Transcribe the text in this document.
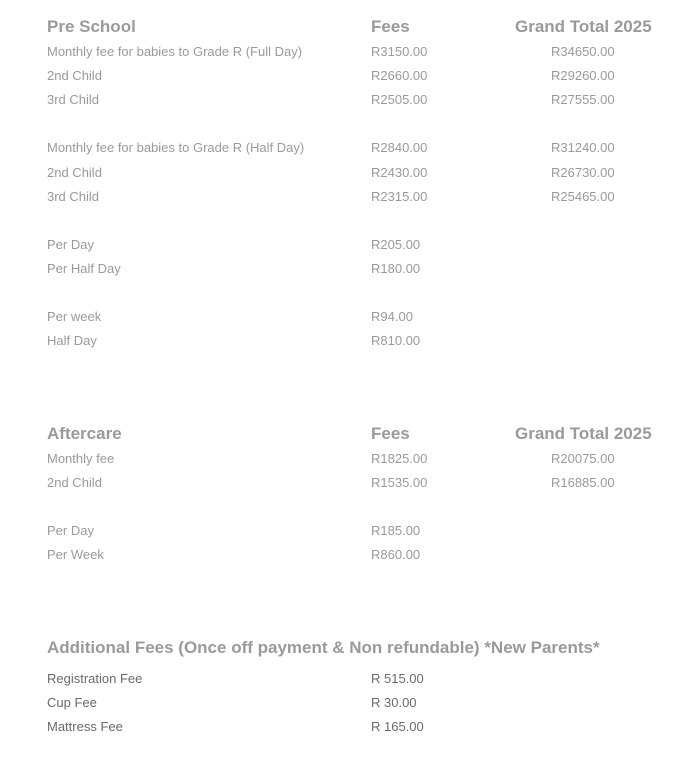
Pre School	Fees	Grand Total 2025
Monthly fee for babies to Grade R (Full Day)	R3150.00	R34650.00
2nd Child	R2660.00	R29260.00
3rd Child	R2505.00	R27555.00
Monthly fee for babies to Grade R (Half Day)	R2840.00	R31240.00
2nd Child	R2430.00	R26730.00
3rd Child	R2315.00	R25465.00
Per Day	R205.00
Per Half Day	R180.00
Per week	R94.00
Half Day	R810.00
Aftercare	Fees	Grand Total 2025
Monthly fee	R1825.00	R20075.00
2nd Child	R1535.00	R16885.00
Per Day	R185.00
Per Week	R860.00
Additional Fees (Once off payment & Non refundable) *New Parents*
Registration Fee	R 515.00
Cup Fee	R 30.00
Mattress Fee	R 165.00
